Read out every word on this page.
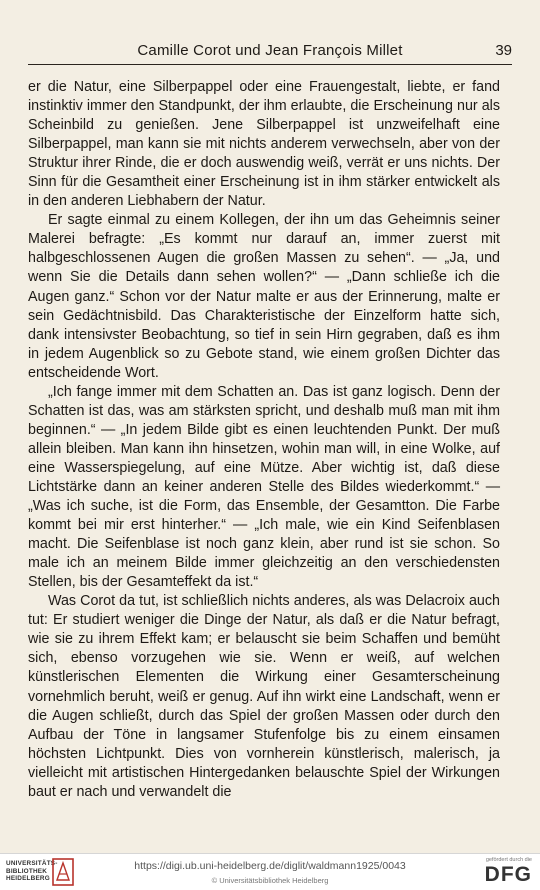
Camille Corot und Jean François Millet	39

er die Natur, eine Silberpappel oder eine Frauengestalt, liebte, er fand instinktiv immer den Standpunkt, der ihm erlaubte, die Erscheinung nur als Scheinbild zu genießen. Jene Silberpappel ist unzweifelhaft eine Silberpappel, man kann sie mit nichts anderem verwechseln, aber von der Struktur ihrer Rinde, die er doch auswendig weiß, verrät er uns nichts. Der Sinn für die Gesamtheit einer Erscheinung ist in ihm stärker entwickelt als in den anderen Liebhabern der Natur.

Er sagte einmal zu einem Kollegen, der ihn um das Geheimnis seiner Malerei befragte: „Es kommt nur darauf an, immer zuerst mit halbgeschlossenen Augen die großen Massen zu sehen“. — „Ja, und wenn Sie die Details dann sehen wollen?“ — „Dann schließe ich die Augen ganz.“ Schon vor der Natur malte er aus der Erinnerung, malte er sein Gedächtnisbild. Das Charakteristische der Einzelform hatte sich, dank intensivster Beobachtung, so tief in sein Hirn gegraben, daß es ihm in jedem Augenblick so zu Gebote stand, wie einem großen Dichter das entscheidende Wort.

„Ich fange immer mit dem Schatten an. Das ist ganz logisch. Denn der Schatten ist das, was am stärksten spricht, und deshalb muß man mit ihm beginnen.“ — „In jedem Bilde gibt es einen leuchtenden Punkt. Der muß allein bleiben. Man kann ihn hinsetzen, wohin man will, in eine Wolke, auf eine Wasserspiegelung, auf eine Mütze. Aber wichtig ist, daß diese Lichtstärke dann an keiner anderen Stelle des Bildes wiederkommt.“ — „Was ich suche, ist die Form, das Ensemble, der Gesamtton. Die Farbe kommt bei mir erst hinterher.“ — „Ich male, wie ein Kind Seifenblasen macht. Die Seifenblase ist noch ganz klein, aber rund ist sie schon. So male ich an meinem Bilde immer gleichzeitig an den verschiedensten Stellen, bis der Gesamteffekt da ist.“

Was Corot da tut, ist schließlich nichts anderes, als was Delacroix auch tut: Er studiert weniger die Dinge der Natur, als daß er die Natur befragt, wie sie zu ihrem Effekt kam; er belauscht sie beim Schaffen und bemüht sich, ebenso vorzugehen wie sie. Wenn er weiß, auf welchen künstlerischen Elementen die Wirkung einer Gesamterscheinung vornehmlich beruht, weiß er genug. Auf ihn wirkt eine Landschaft, wenn er die Augen schließt, durch das Spiel der großen Massen oder durch den Aufbau der Töne in langsamer Stufenfolge bis zu einem einsamen höchsten Lichtpunkt. Dies von vornherein künstlerisch, malerisch, ja vielleicht mit artistischen Hintergedanken belauschte Spiel der Wirkungen baut er nach und verwandelt die

UNIVERSITÄTS-
BIBLIOTHEK
HEIDELBERG
https://digi.ub.uni-heidelberg.de/diglit/waldmann1925/0043
© Universitätsbibliothek Heidelberg
gefördert durch die
DFG
